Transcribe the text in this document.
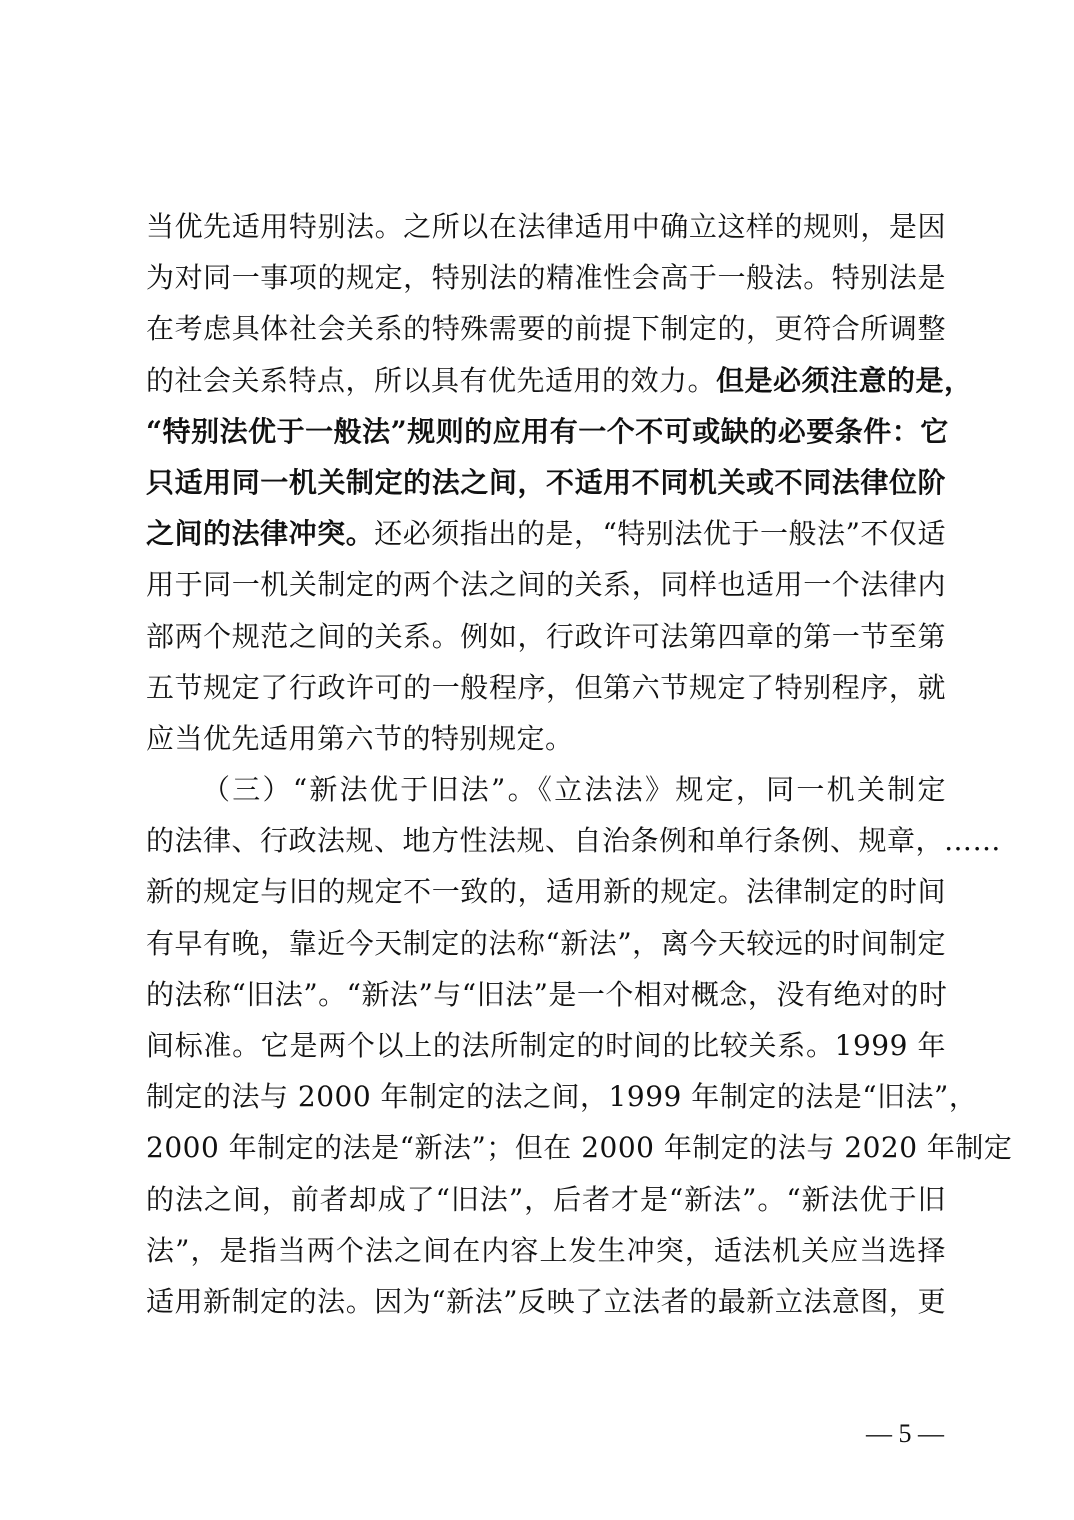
当优先适用特别法。之所以在法律适用中确立这样的规则，是因
为对同一事项的规定，特别法的精准性会高于一般法。特别法是
在考虑具体社会关系的特殊需要的前提下制定的，更符合所调整
的社会关系特点，所以具有优先适用的效力。但是必须注意的是，
“特别法优于一般法”规则的应用有一个不可或缺的必要条件：它
只适用同一机关制定的法之间，不适用不同机关或不同法律位阶
之间的法律冲突。还必须指出的是，“特别法优于一般法”不仅适
用于同一机关制定的两个法之间的关系，同样也适用一个法律内
部两个规范之间的关系。例如，行政许可法第四章的第一节至第
五节规定了行政许可的一般程序，但第六节规定了特别程序，就
应当优先适用第六节的特别规定。
（三）“新法优于旧法”。《立法法》规定，同一机关制定
的法律、行政法规、地方性法规、自治条例和单行条例、规章，……
新的规定与旧的规定不一致的，适用新的规定。法律制定的时间
有早有晚，靠近今天制定的法称“新法”，离今天较远的时间制定
的法称“旧法”。“新法”与“旧法”是一个相对概念，没有绝对的时
间标准。它是两个以上的法所制定的时间的比较关系。1999 年
制定的法与 2000 年制定的法之间，1999 年制定的法是“旧法”，
2000 年制定的法是“新法”；但在 2000 年制定的法与 2020 年制定
的法之间，前者却成了“旧法”，后者才是“新法”。“新法优于旧
法”，是指当两个法之间在内容上发生冲突，适法机关应当选择
适用新制定的法。因为“新法”反映了立法者的最新立法意图，更
— 5 —
